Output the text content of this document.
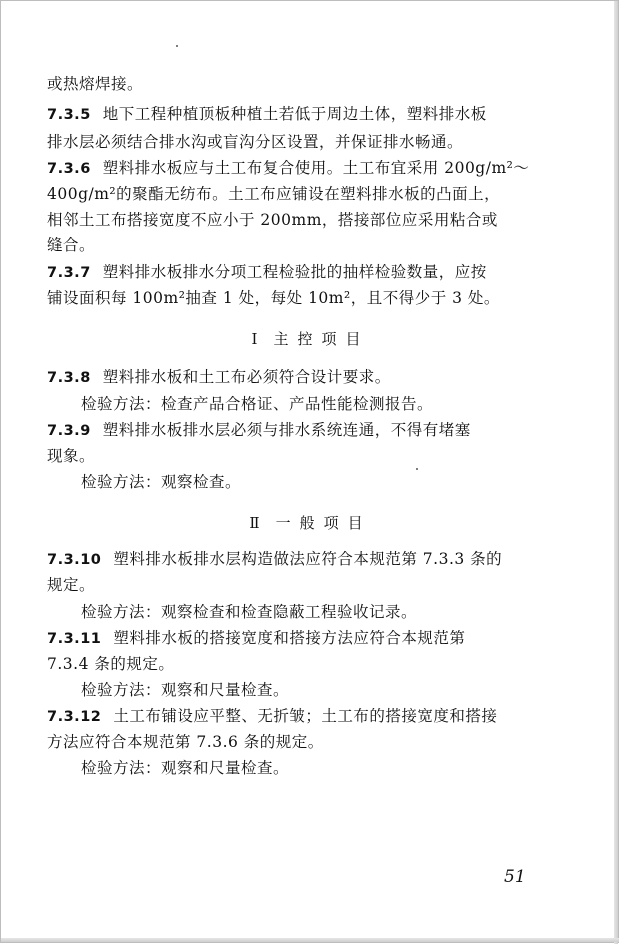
或热熔焊接。
7.3.5 地下工程种植顶板种植土若低于周边土体，塑料排水板
排水层必须结合排水沟或盲沟分区设置，并保证排水畅通。
7.3.6 塑料排水板应与土工布复合使用。土工布宜采用 200g/m²～
400g/m²的聚酯无纺布。土工布应铺设在塑料排水板的凸面上，
相邻土工布搭接宽度不应小于 200mm，搭接部位应采用粘合或
缝合。
7.3.7 塑料排水板排水分项工程检验批的抽样检验数量，应按
铺设面积每 100m²抽查 1 处，每处 10m²，且不得少于 3 处。
Ⅰ 主控项目
7.3.8 塑料排水板和土工布必须符合设计要求。
检验方法：检查产品合格证、产品性能检测报告。
7.3.9 塑料排水板排水层必须与排水系统连通，不得有堵塞
现象。
检验方法：观察检查。
Ⅱ 一般项目
7.3.10 塑料排水板排水层构造做法应符合本规范第 7.3.3 条的
规定。
检验方法：观察检查和检查隐蔽工程验收记录。
7.3.11 塑料排水板的搭接宽度和搭接方法应符合本规范第
7.3.4 条的规定。
检验方法：观察和尺量检查。
7.3.12 土工布铺设应平整、无折皱；土工布的搭接宽度和搭接
方法应符合本规范第 7.3.6 条的规定。
检验方法：观察和尺量检查。
51
